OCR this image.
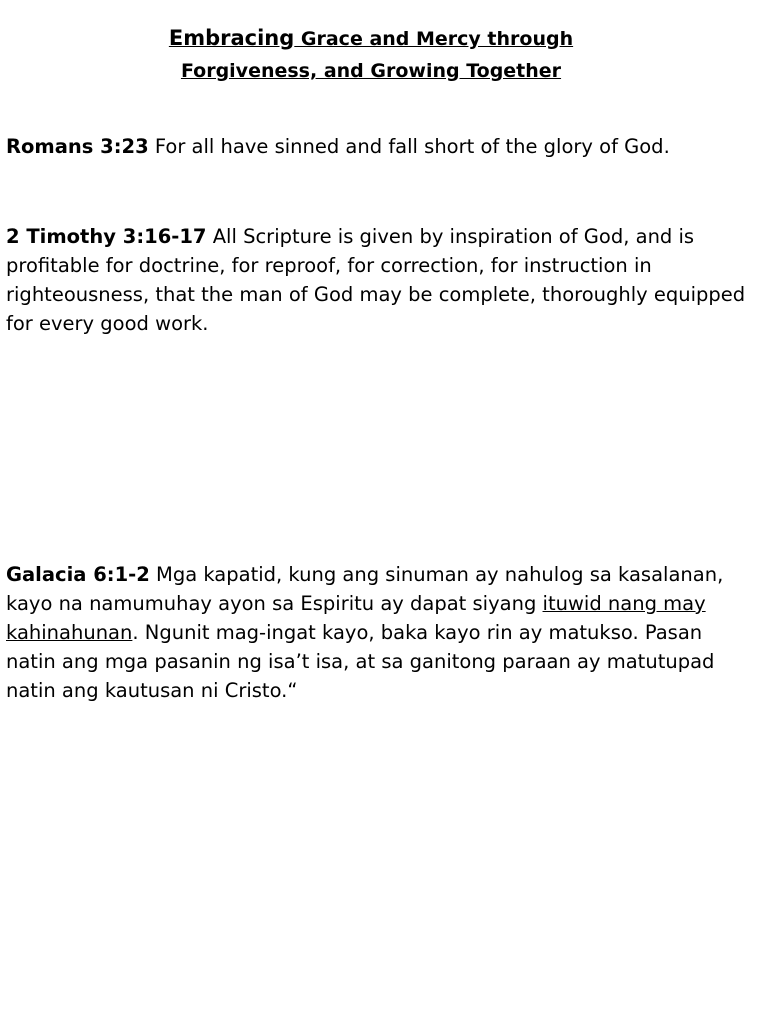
Embracing Grace and Mercy through
Forgiveness, and Growing Together
Romans 3:23 For all have sinned and fall short of the glory of God.
2 Timothy 3:16-17 All Scripture is given by inspiration of God, and is profitable for doctrine, for reproof, for correction, for instruction in righteousness, that the man of God may be complete, thoroughly equipped for every good work.
Galacia 6:1-2 Mga kapatid, kung ang sinuman ay nahulog sa kasalanan, kayo na namumuhay ayon sa Espiritu ay dapat siyang ituwid nang may kahinahunan. Ngunit mag-ingat kayo, baka kayo rin ay matukso. Pasan natin ang mga pasanin ng isa’t isa, at sa ganitong paraan ay matutupad natin ang kautusan ni Cristo.“
